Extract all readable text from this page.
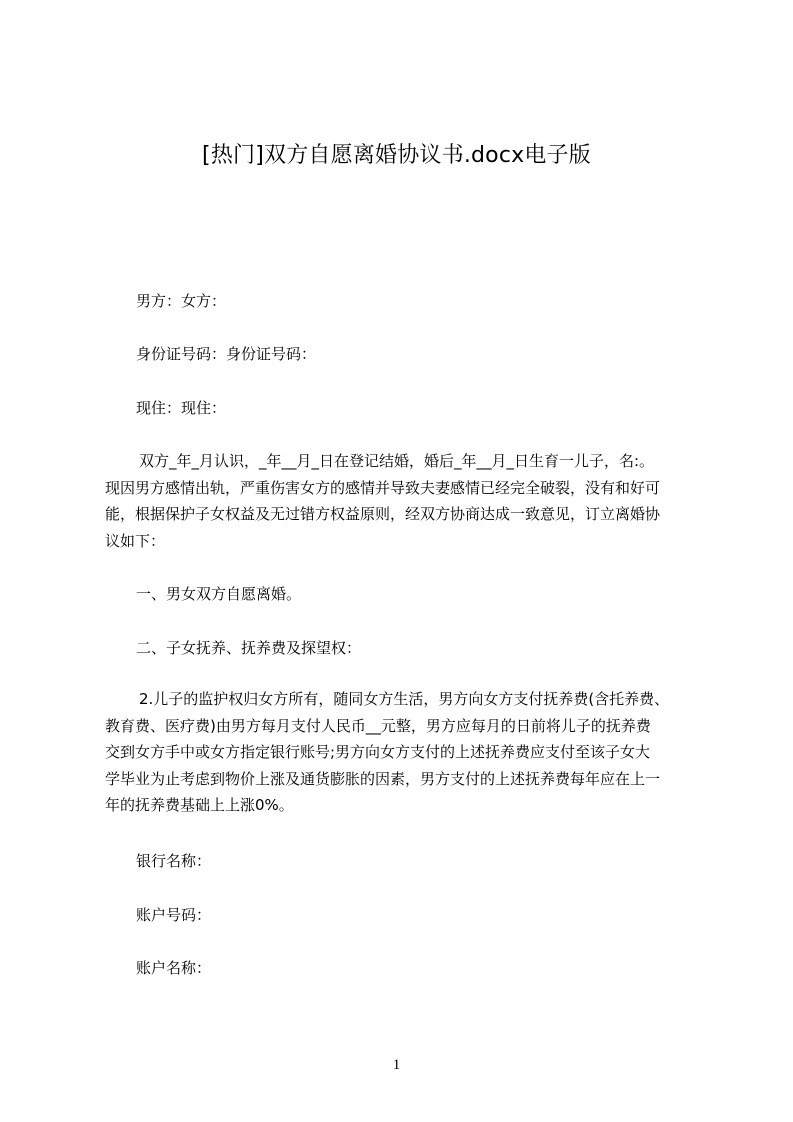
[热门]双方自愿离婚协议书.docx电子版
男方：女方：
身份证号码：身份证号码：
现住：现住：
双方_年_月认识，_年__月_日在登记结婚，婚后_年__月_日生育一儿子，名:。
现因男方感情出轨，严重伤害女方的感情并导致夫妻感情已经完全破裂，没有和好可
能，根据保护子女权益及无过错方权益原则，经双方协商达成一致意见，订立离婚协
议如下：
一、男女双方自愿离婚。
二、子女抚养、抚养费及探望权：
2.儿子的监护权归女方所有，随同女方生活，男方向女方支付抚养费(含托养费、
教育费、医疗费)由男方每月支付人民币__元整，男方应每月的日前将儿子的抚养费
交到女方手中或女方指定银行账号;男方向女方支付的上述抚养费应支付至该子女大
学毕业为止考虑到物价上涨及通货膨胀的因素，男方支付的上述抚养费每年应在上一
年的抚养费基础上上涨0%。
银行名称：
账户号码：
账户名称：
1
